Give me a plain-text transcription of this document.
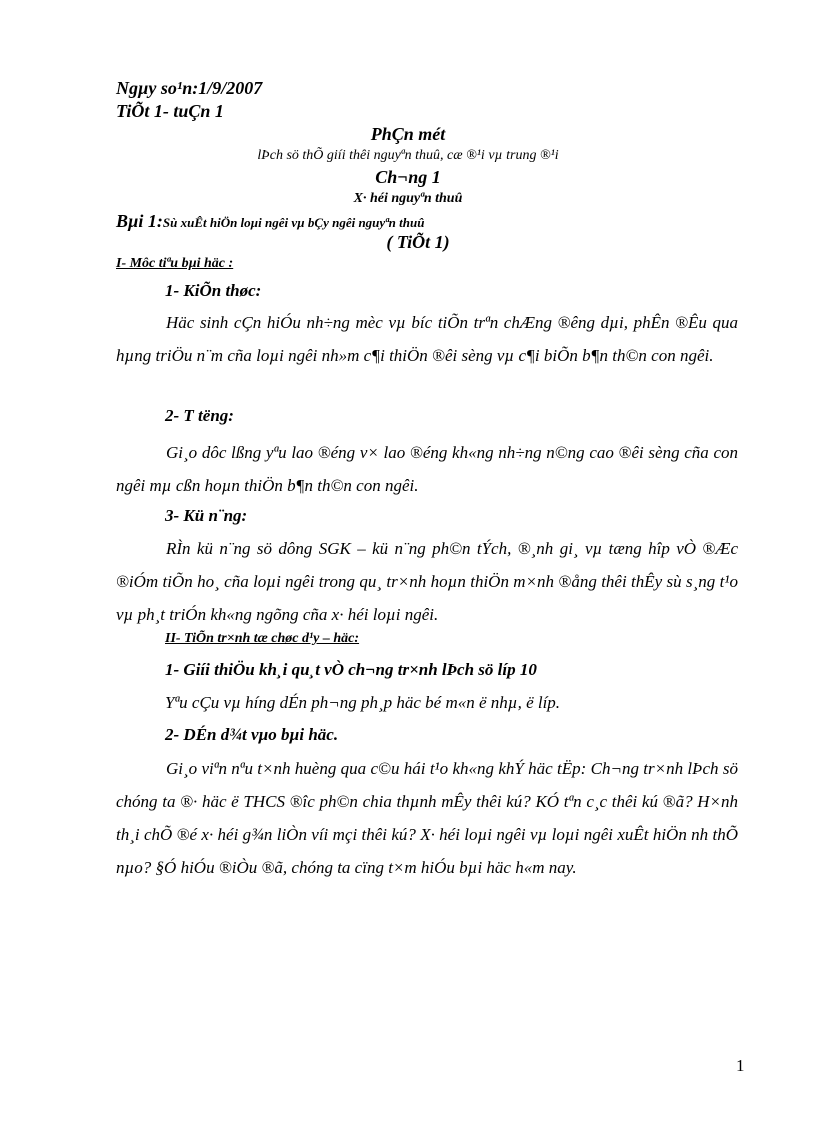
Ngµy so¹n:1/9/2007
TiÕt 1- tuÇn 1
PhÇn mét
lÞch sö thÕ giíi thêi nguyªn thuû, cæ ®¹i vµ trung ®¹i
Ch¬ng 1
X· héi nguyªn thuû
Bµi 1:Sù xuÊt hiÖn loµi ngêi vµ bÇy ngêi nguyªn thuû
( TiÕt 1)
I- Môc tiªu bµi häc :
1- KiÕn thøc:
Häc sinh cÇn hiÓu nh÷ng mèc vµ bíc tiÕn trªn chÆng ®êng dµi, phÊn ®Êu qua hµng triÖu n¨m cña loµi ngêi nh»m c¶i thiÖn ®êi sèng vµ c¶i biÕn b¶n th©n con ngêi.
2- T tëng:
Gi¸o dôc lßng yªu lao ®éng v× lao ®éng kh«ng nh÷ng n©ng cao ®êi sèng cña con ngêi mµ cßn hoµn thiÖn b¶n th©n con ngêi.
3- Kü n¨ng:
RÌn kü n¨ng sö dông SGK – kü n¨ng ph©n tÝch, ®¸nh gi¸ vµ tæng hîp vÒ ®Æc ®iÓm tiÕn ho¸ cña loµi ngêi trong qu¸ tr×nh hoµn thiÖn m×nh ®ång thêi thÊy sù s¸ng t¹o vµ ph¸t triÓn kh«ng ngõng cña x· héi loµi ngêi.
II- TiÕn tr×nh tæ chøc d¹y – häc:
1- Giíi thiÖu kh¸i qu¸t vÒ ch¬ng tr×nh lÞch sö líp 10
Yªu cÇu vµ híng dÉn ph¬ng ph¸p häc bé m«n ë nhµ, ë líp.
2- DÉn d¾t vµo bµi häc.
Gi¸o viªn nªu t×nh huèng qua c©u hái t¹o kh«ng khÝ häc tËp: Ch¬ng tr×nh lÞch sö chóng ta ®· häc ë THCS ®îc ph©n chia thµnh mÊy thêi kú? KÓ tªn c¸c thêi kú ®ã? H×nh th¸i chÕ ®é x· héi g¾n liÒn víi mçi thêi kú? X· héi loµi ngêi vµ loµi ngêi xuÊt hiÖn nh thÕ nµo? §Ó hiÓu ®iÒu ®ã, chóng ta cïng t×m hiÓu bµi häc h«m nay.
1
